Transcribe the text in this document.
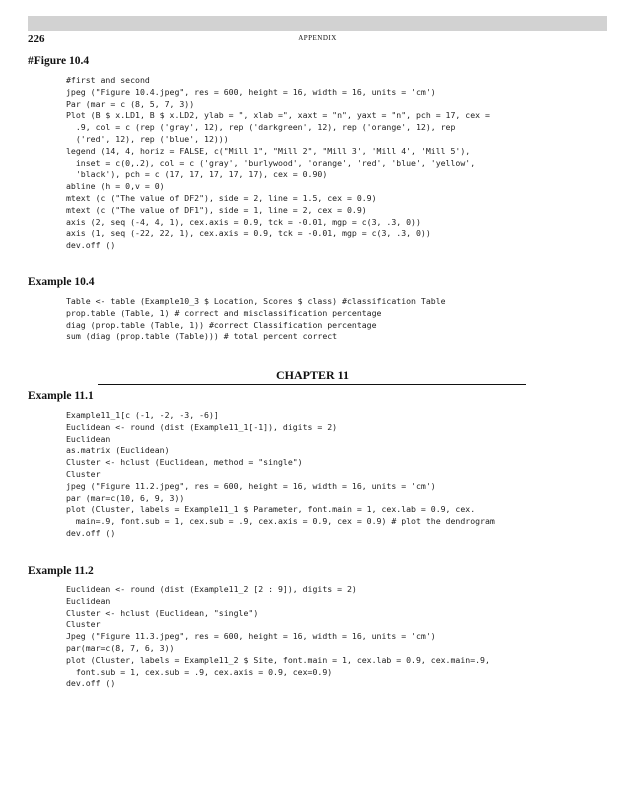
226	APPENDIX
#Figure 10.4
#first and second
jpeg ("Figure 10.4.jpeg", res = 600, height = 16, width = 16, units = 'cm')
Par (mar = c (8, 5, 7, 3))
Plot (B $ x.LD1, B $ x.LD2, ylab = ", xlab =", xaxt = "n", yaxt = "n", pch = 17, cex =
.9, col = c (rep ('gray', 12), rep ('darkgreen', 12), rep ('orange', 12), rep
('red', 12), rep ('blue', 12)))
legend (14, 4, horiz = FALSE, c("Mill 1", "Mill 2", "Mill 3', 'Mill 4', 'Mill 5'),
inset = c(0,.2), col = c ('gray', 'burlywood', 'orange', 'red', 'blue', 'yellow',
'black'), pch = c (17, 17, 17, 17, 17), cex = 0.90)
abline (h = 0,v = 0)
mtext (c ("The value of DF2"), side = 2, line = 1.5, cex = 0.9)
mtext (c ("The value of DF1"), side = 1, line = 2, cex = 0.9)
axis (2, seq (-4, 4, 1), cex.axis = 0.9, tck = -0.01, mgp = c(3, .3, 0))
axis (1, seq (-22, 22, 1), cex.axis = 0.9, tck = -0.01, mgp = c(3, .3, 0))
dev.off ()
Example 10.4
Table <- table (Example10_3 $ Location, Scores $ class) #classification Table
prop.table (Table, 1) # correct and misclassification percentage
diag (prop.table (Table, 1)) #correct Classification percentage
sum (diag (prop.table (Table))) # total percent correct
CHAPTER 11
Example 11.1
Example11_1[c (-1, -2, -3, -6)]
Euclidean <- round (dist (Example11_1[-1]), digits = 2)
Euclidean
as.matrix (Euclidean)
Cluster <- hclust (Euclidean, method = "single")
Cluster
jpeg ("Figure 11.2.jpeg", res = 600, height = 16, width = 16, units = 'cm')
par (mar=c(10, 6, 9, 3))
plot (Cluster, labels = Example11_1 $ Parameter, font.main = 1, cex.lab = 0.9, cex.
main=.9, font.sub = 1, cex.sub = .9, cex.axis = 0.9, cex = 0.9) # plot the dendrogram
dev.off ()
Example 11.2
Euclidean <- round (dist (Example11_2 [2 : 9]), digits = 2)
Euclidean
Cluster <- hclust (Euclidean, "single")
Cluster
Jpeg ("Figure 11.3.jpeg", res = 600, height = 16, width = 16, units = 'cm')
par(mar=c(8, 7, 6, 3))
plot (Cluster, labels = Example11_2 $ Site, font.main = 1, cex.lab = 0.9, cex.main=.9,
font.sub = 1, cex.sub = .9, cex.axis = 0.9, cex=0.9)
dev.off ()
